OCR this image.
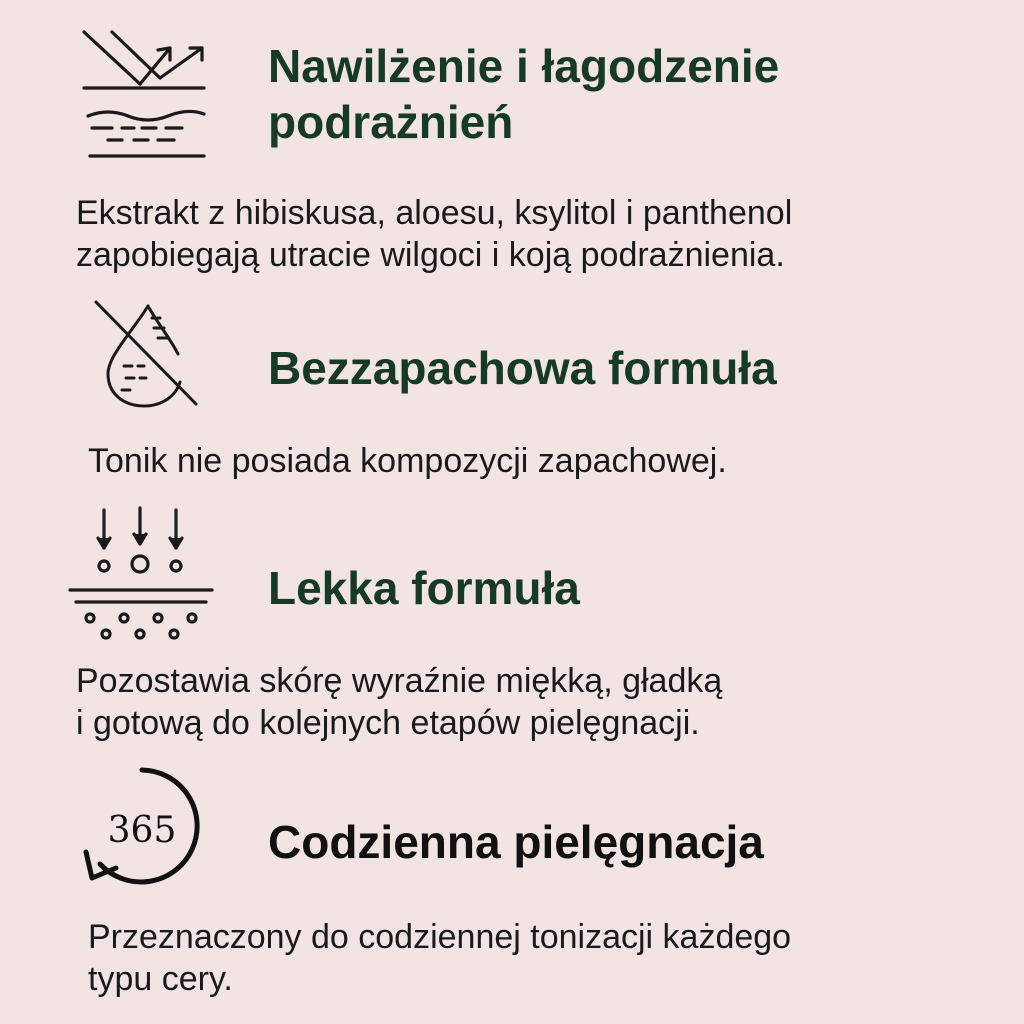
Nawilżenie i łagodzenie
podrażnień

Ekstrakt z hibiskusa, aloesu, ksylitol i panthenol
zapobiegają utracie wilgoci i koją podrażnienia.

Bezzapachowa formuła

Tonik nie posiada kompozycji zapachowej.

Lekka formuła

Pozostawia skórę wyraźnie miękką, gładką
i gotową do kolejnych etapów pielęgnacji.

365 Codzienna pielęgnacja

Przeznaczony do codziennej tonizacji każdego
typu cery.
